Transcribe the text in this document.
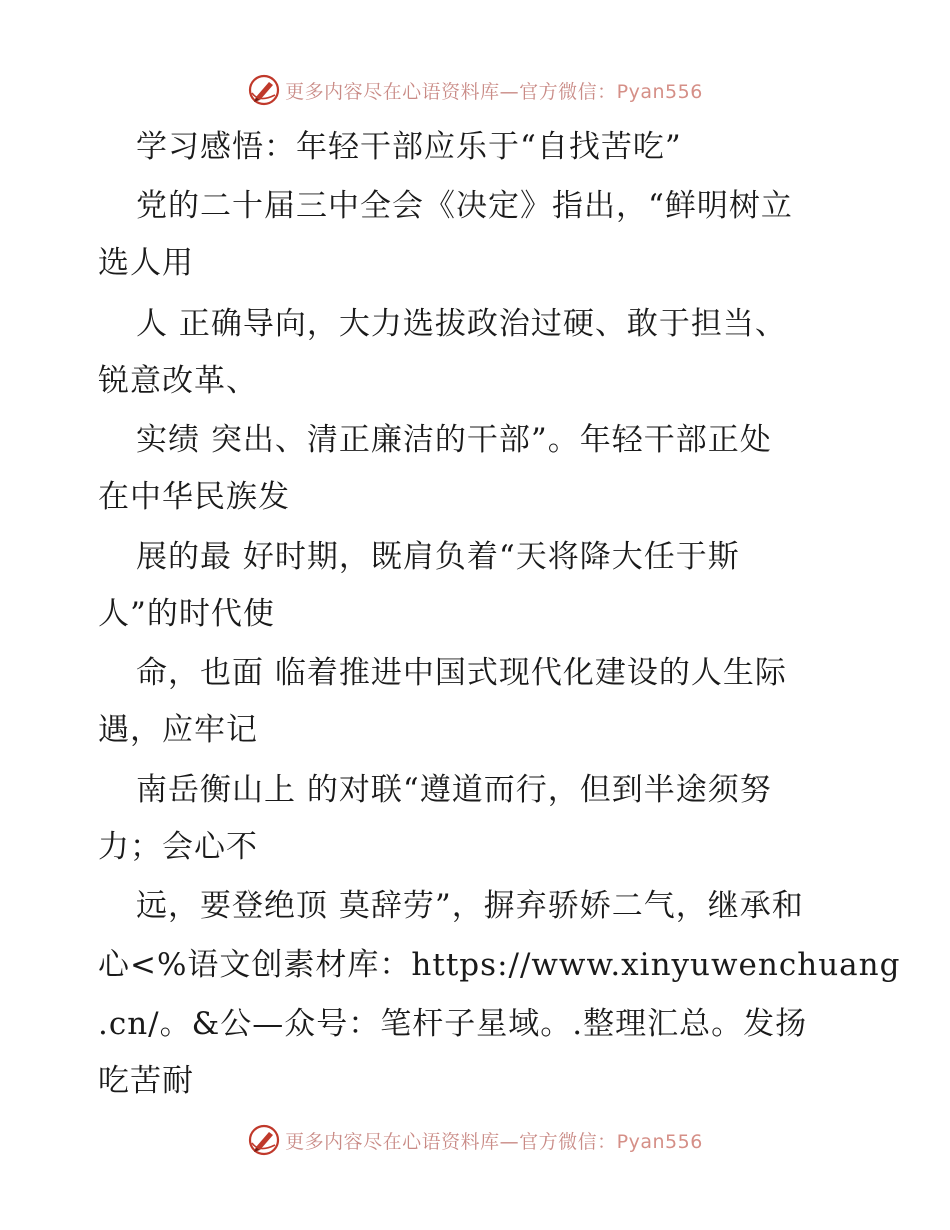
更多内容尽在心语资料库—官方微信：Pyan556
学习感悟：年轻干部应乐于“自找苦吃”
党的二十届三中全会《决定》指出，“鲜明树立
选人用
人 正确导向，大力选拔政治过硬、敢于担当、
锐意改革、
实绩 突出、清正廉洁的干部”。年轻干部正处
在中华民族发
展的最 好时期，既肩负着“天将降大任于斯
人”的时代使
命，也面 临着推进中国式现代化建设的人生际
遇，应牢记
南岳衡山上 的对联“遵道而行，但到半途须努
力；会心不
远，要登绝顶 莫辞劳”，摒弃骄娇二气，继承和
心<%语文创素材库：https://www.xinyuwenchuang
.cn/。&公—众号：笔杆子星域。.整理汇总。发扬
吃苦耐
更多内容尽在心语资料库—官方微信：Pyan556
